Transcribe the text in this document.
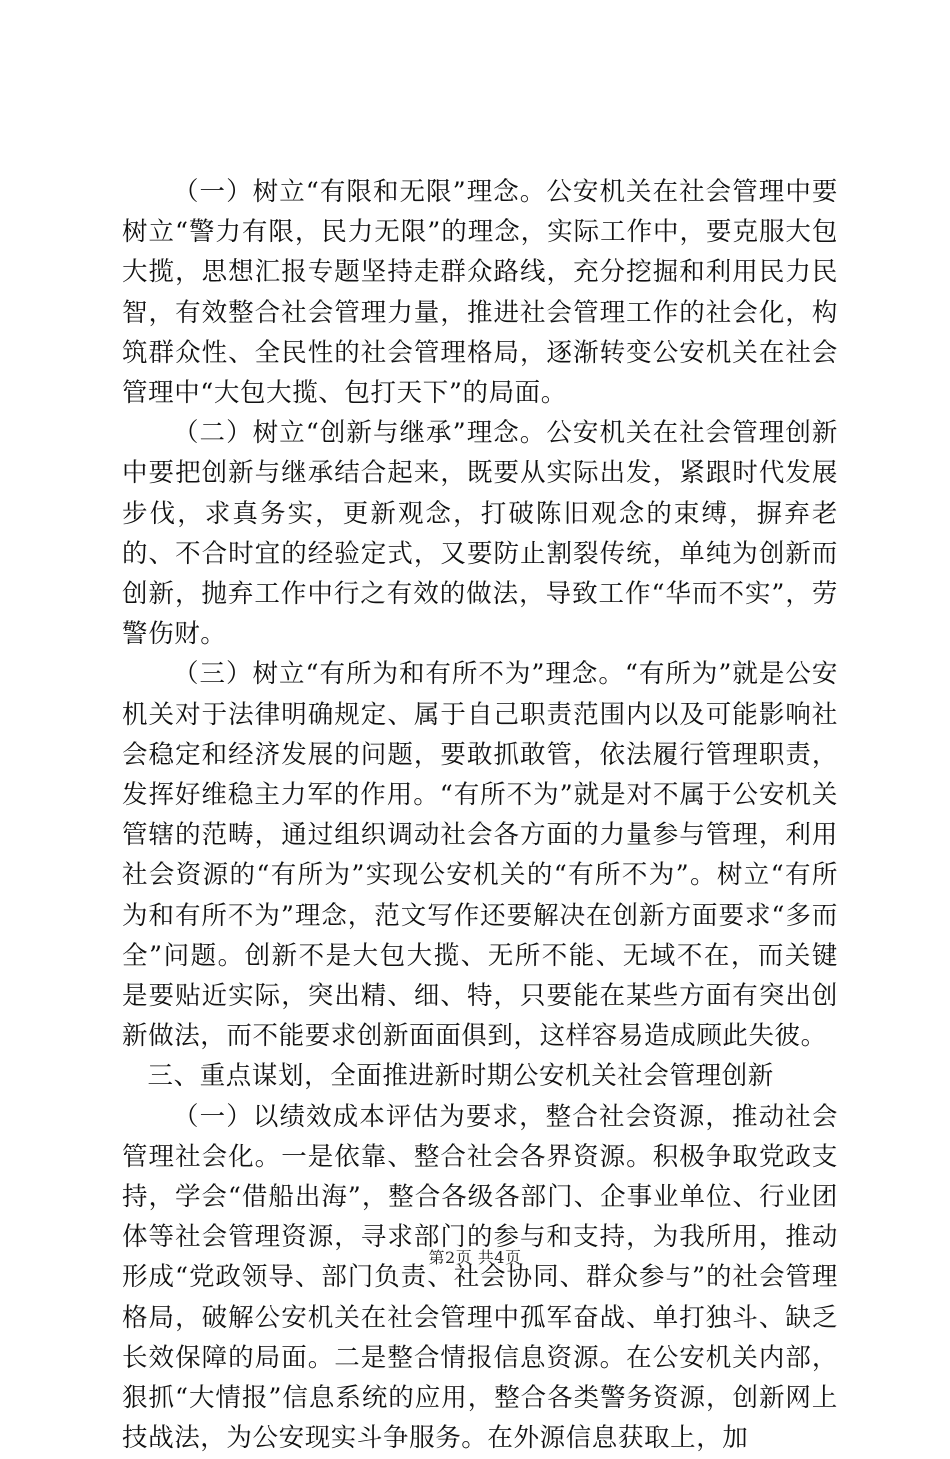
（一）树立“有限和无限”理念。公安机关在社会管理中要树立“警力有限，民力无限”的理念，实际工作中，要克服大包大揽，思想汇报专题坚持走群众路线，充分挖掘和利用民力民智，有效整合社会管理力量，推进社会管理工作的社会化，构筑群众性、全民性的社会管理格局，逐渐转变公安机关在社会管理中“大包大揽、包打天下”的局面。

（二）树立“创新与继承”理念。公安机关在社会管理创新中要把创新与继承结合起来，既要从实际出发，紧跟时代发展步伐，求真务实，更新观念，打破陈旧观念的束缚，摒弃老的、不合时宜的经验定式，又要防止割裂传统，单纯为创新而创新，抛弃工作中行之有效的做法，导致工作“华而不实”，劳警伤财。

（三）树立“有所为和有所不为”理念。“有所为”就是公安机关对于法律明确规定、属于自己职责范围内以及可能影响社会稳定和经济发展的问题，要敢抓敢管，依法履行管理职责，发挥好维稳主力军的作用。“有所不为”就是对不属于公安机关管辖的范畴，通过组织调动社会各方面的力量参与管理，利用社会资源的“有所为”实现公安机关的“有所不为”。树立“有所为和有所不为”理念，范文写作还要解决在创新方面要求“多而全”问题。创新不是大包大揽、无所不能、无域不在，而关键是要贴近实际，突出精、细、特，只要能在某些方面有突出创新做法，而不能要求创新面面俱到，这样容易造成顾此失彼。

三、重点谋划，全面推进新时期公安机关社会管理创新

（一）以绩效成本评估为要求，整合社会资源，推动社会管理社会化。一是依靠、整合社会各界资源。积极争取党政支持，学会“借船出海”，整合各级各部门、企事业单位、行业团体等社会管理资源，寻求部门的参与和支持，为我所用，推动形成“党政领导、部门负责、社会协同、群众参与”的社会管理格局，破解公安机关在社会管理中孤军奋战、单打独斗、缺乏长效保障的局面。二是整合情报信息资源。在公安机关内部，狠抓“大情报”信息系统的应用，整合各类警务资源，创新网上技战法，为公安现实斗争服务。在外源信息获取上，加

第2页 共4页
